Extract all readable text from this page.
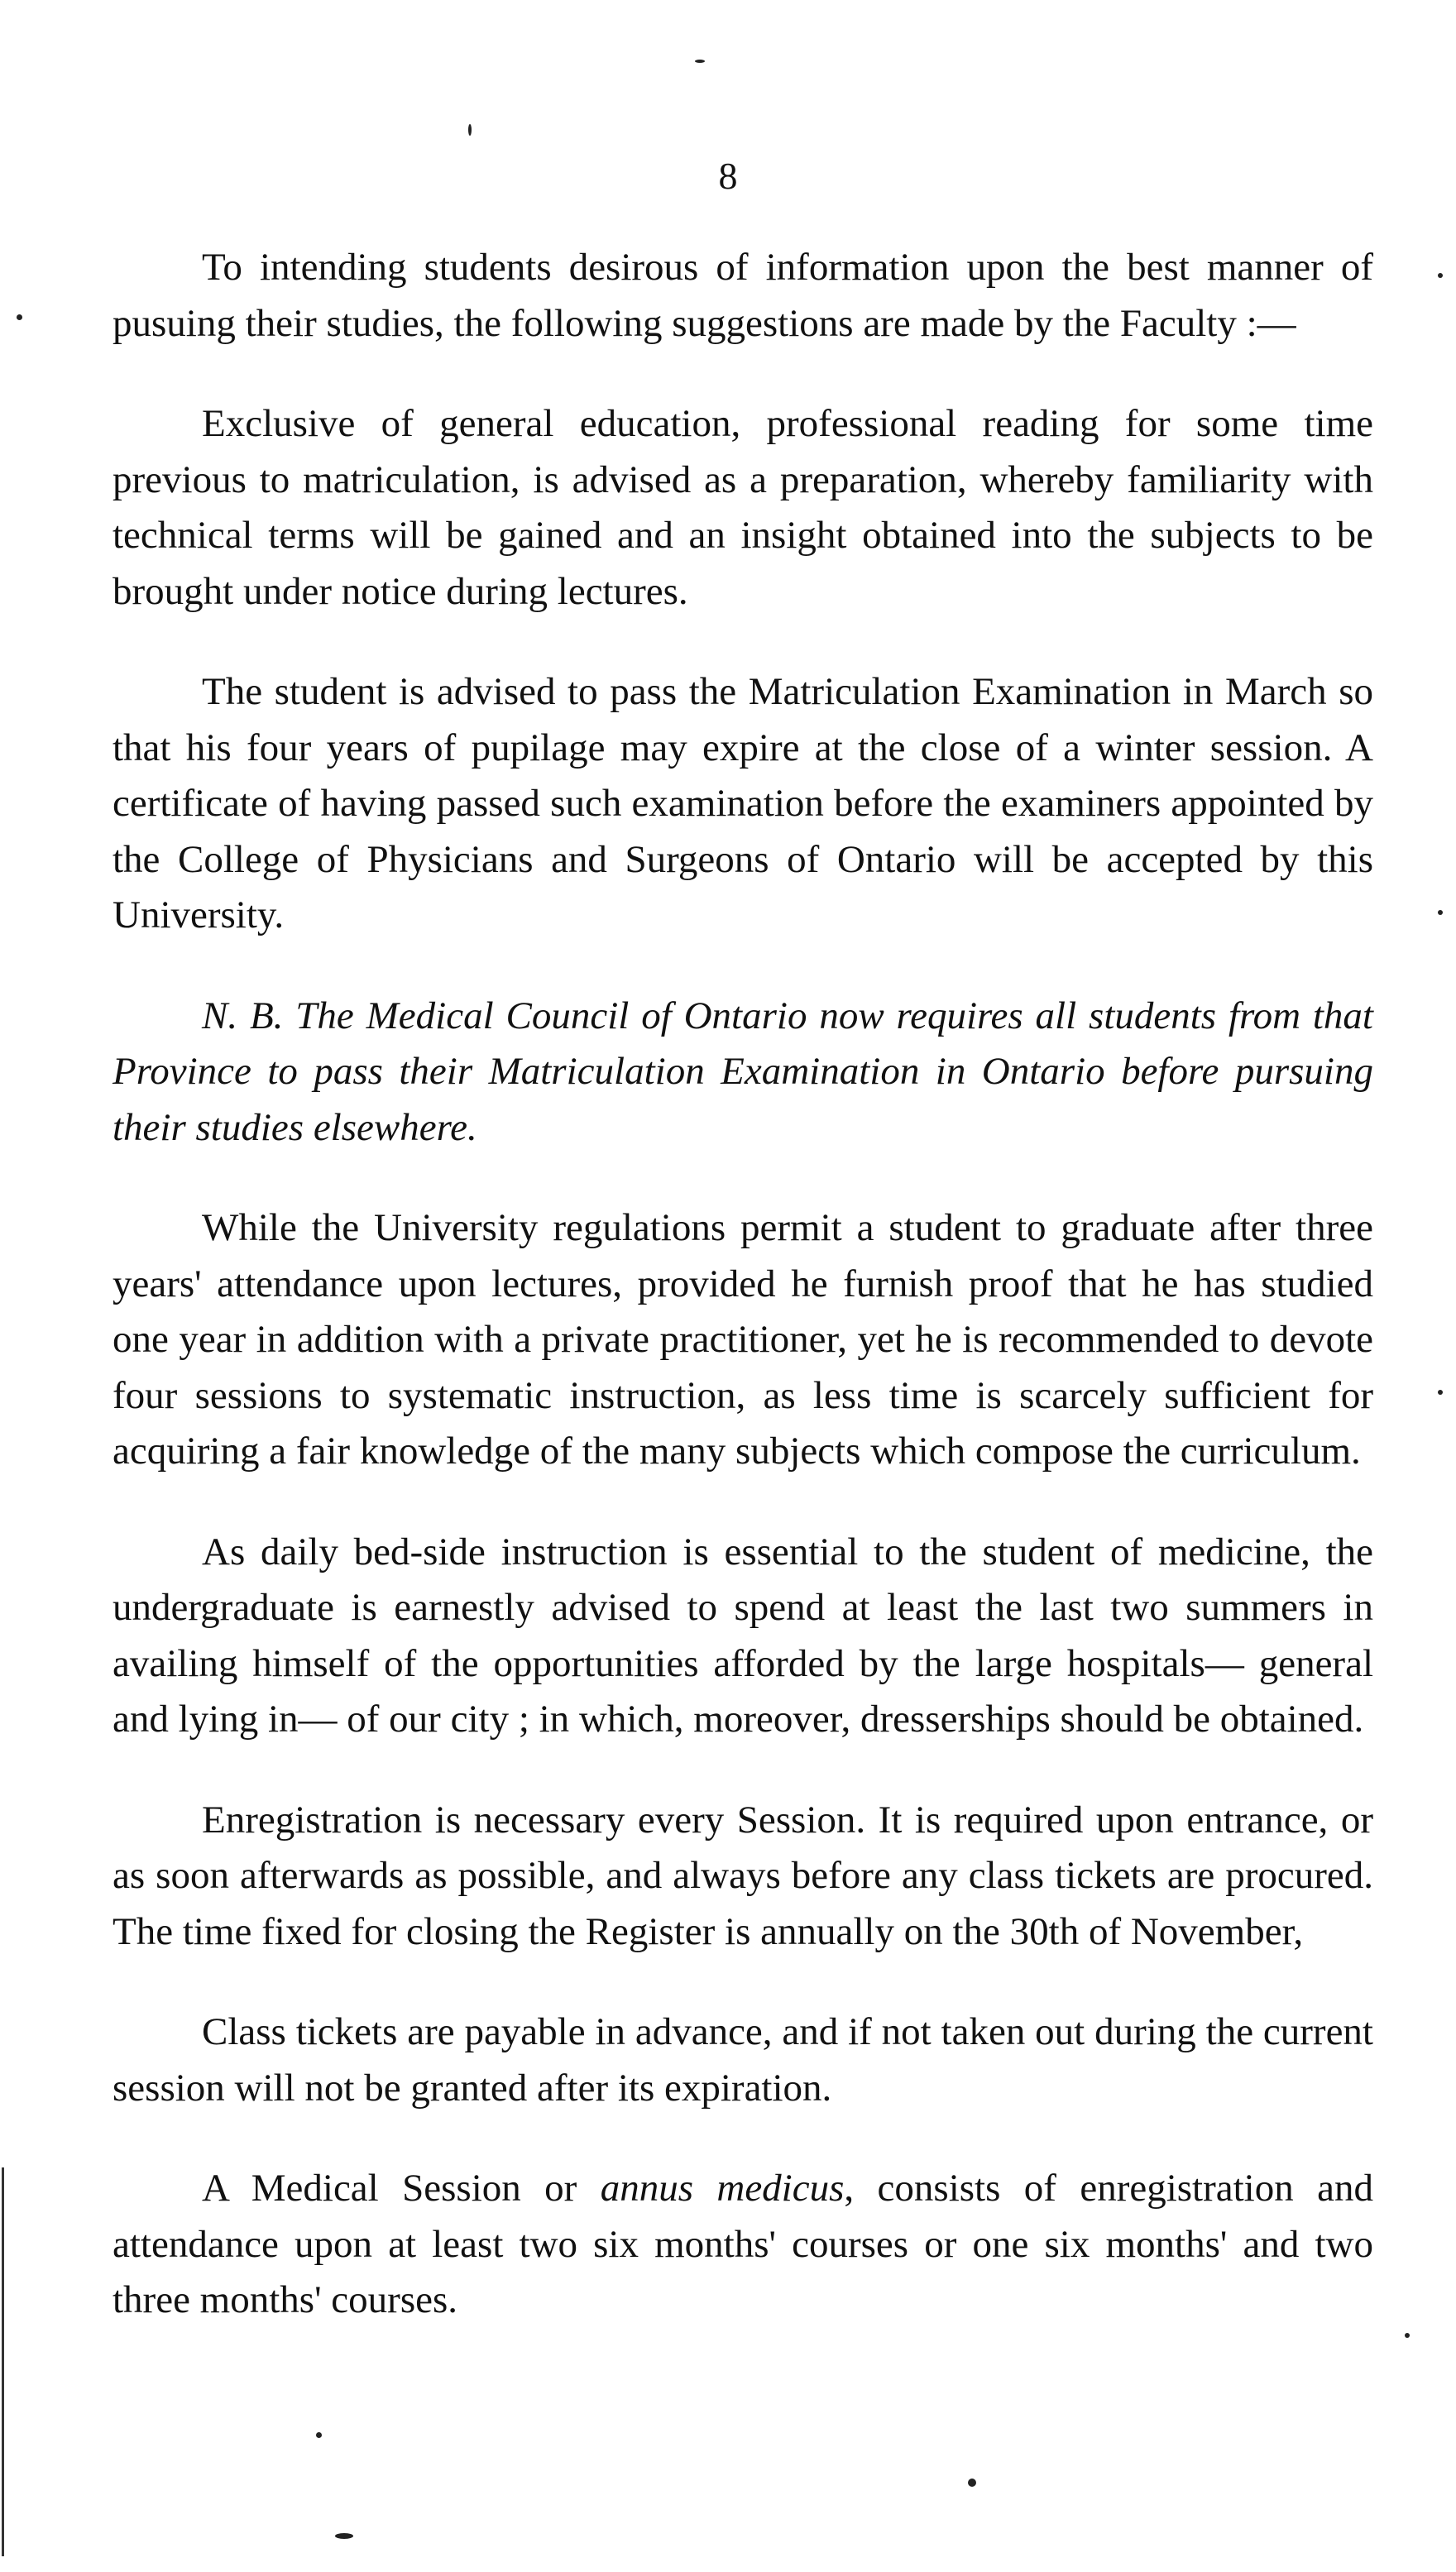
8

To intending students desirous of information upon the best manner of pusuing their studies, the following suggestions are made by the Faculty :—

Exclusive of general education, professional reading for some time previous to matriculation, is advised as a preparation, whereby familiarity with technical terms will be gained and an insight obtained into the subjects to be brought under notice during lectures.

The student is advised to pass the Matriculation Examination in March so that his four years of pupilage may expire at the close of a winter session. A certificate of having passed such examination before the examiners appointed by the College of Physicians and Surgeons of Ontario will be accepted by this University.

N. B. The Medical Council of Ontario now requires all students from that Province to pass their Matriculation Examination in Ontario before pursuing their studies elsewhere.

While the University regulations permit a student to graduate after three years' attendance upon lectures, provided he furnish proof that he has studied one year in addition with a private practitioner, yet he is recommended to devote four sessions to systematic instruction, as less time is scarcely sufficient for acquiring a fair knowledge of the many subjects which compose the curriculum.

As daily bed-side instruction is essential to the student of medicine, the undergraduate is earnestly advised to spend at least the last two summers in availing himself of the opportunities afforded by the large hospitals— general and lying in— of our city ; in which, moreover, dresserships should be obtained.

Enregistration is necessary every Session. It is required upon entrance, or as soon afterwards as possible, and always before any class tickets are procured. The time fixed for closing the Register is annually on the 30th of November,

Class tickets are payable in advance, and if not taken out during the current session will not be granted after its expiration.

A Medical Session or annus medicus, consists of enregistration and attendance upon at least two six months' courses or one six months' and two three months' courses.
